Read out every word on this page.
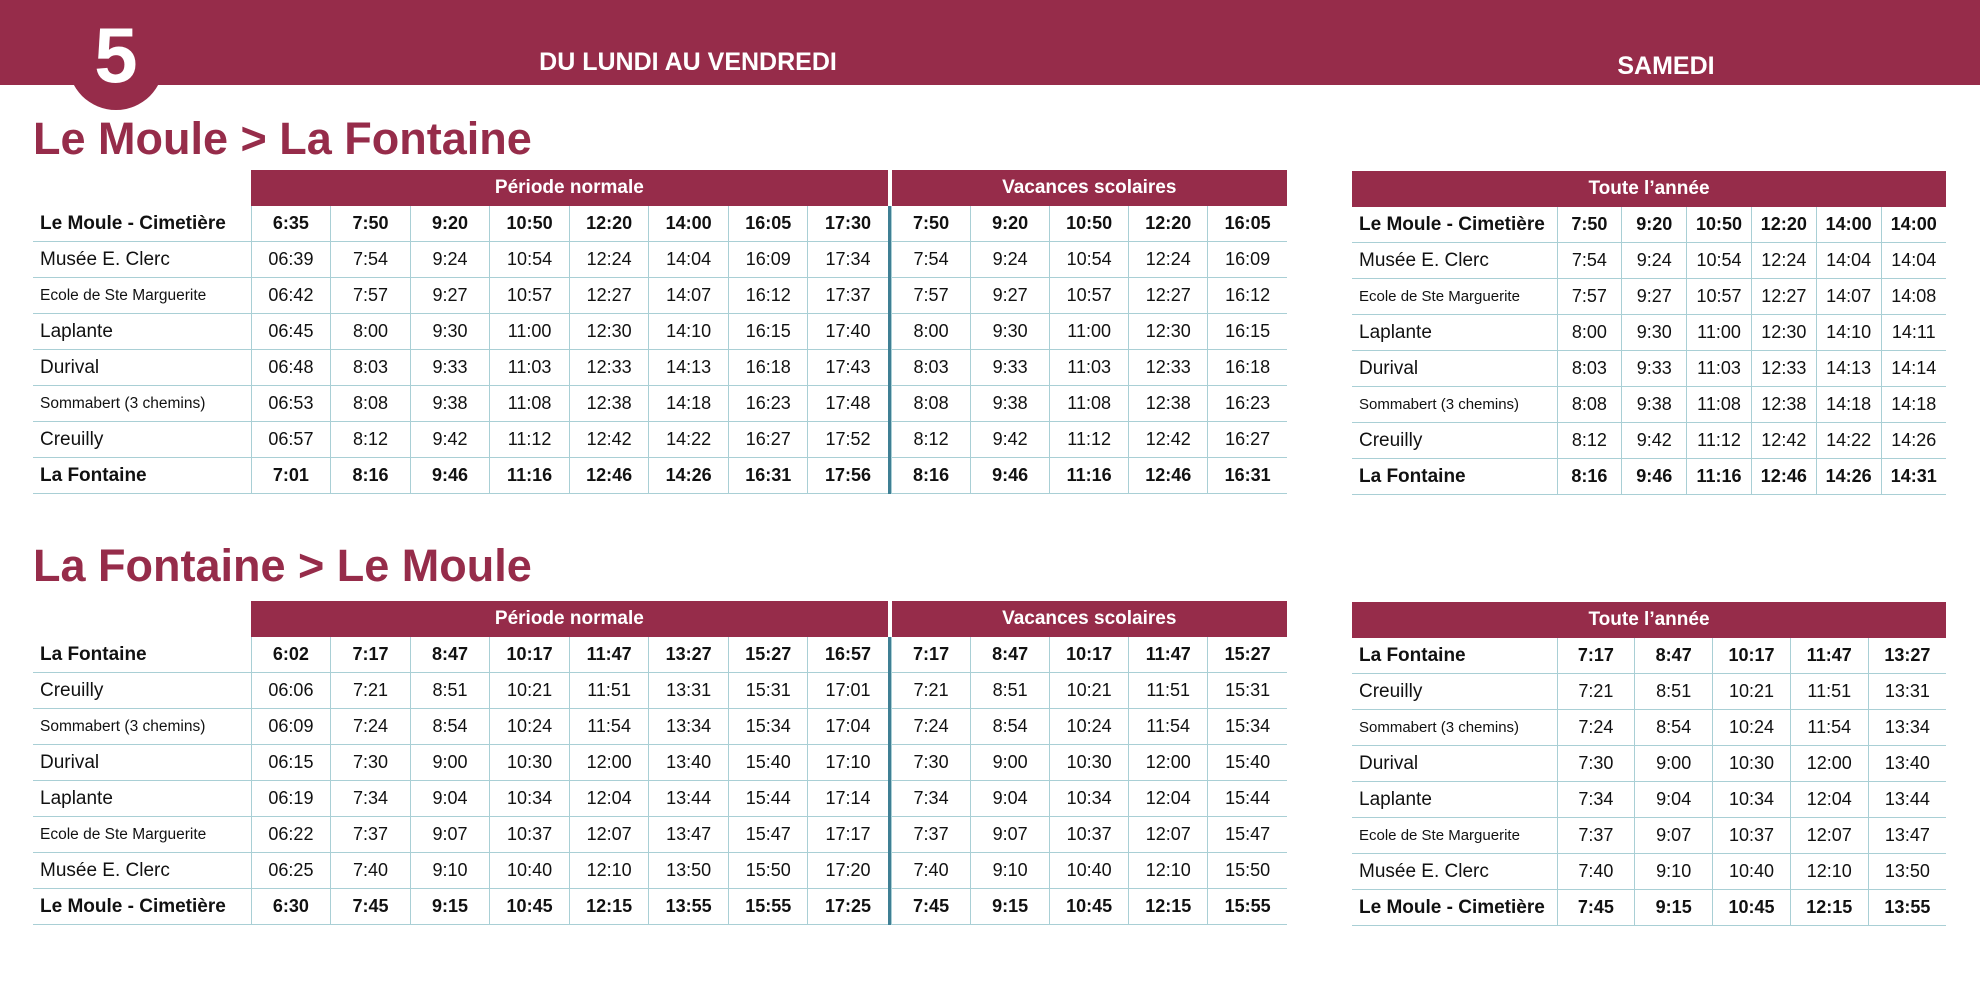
5	DU LUNDI AU VENDREDI	SAMEDI
Le Moule > La Fontaine
La Fontaine > Le Moule
	Période normale									Vacances scolaires				
Le Moule - Cimetière	6:35	7:50	9:20	10:50	12:20	14:00	16:05	17:30		7:50	9:20	10:50	12:20	16:05
Musée E. Clerc	06:39	7:54	9:24	10:54	12:24	14:04	16:09	17:34		7:54	9:24	10:54	12:24	16:09
Ecole de Ste Marguerite	06:42	7:57	9:27	10:57	12:27	14:07	16:12	17:37		7:57	9:27	10:57	12:27	16:12
Laplante	06:45	8:00	9:30	11:00	12:30	14:10	16:15	17:40		8:00	9:30	11:00	12:30	16:15
Durival	06:48	8:03	9:33	11:03	12:33	14:13	16:18	17:43		8:03	9:33	11:03	12:33	16:18
Sommabert (3 chemins)	06:53	8:08	9:38	11:08	12:38	14:18	16:23	17:48		8:08	9:38	11:08	12:38	16:23
Creuilly	06:57	8:12	9:42	11:12	12:42	14:22	16:27	17:52		8:12	9:42	11:12	12:42	16:27
La Fontaine	7:01	8:16	9:46	11:16	12:46	14:26	16:31	17:56		8:16	9:46	11:16	12:46	16:31
Toute l’année						
Le Moule - Cimetière	7:50	9:20	10:50	12:20	14:00	14:00
Musée E. Clerc	7:54	9:24	10:54	12:24	14:04	14:04
Ecole de Ste Marguerite	7:57	9:27	10:57	12:27	14:07	14:08
Laplante	8:00	9:30	11:00	12:30	14:10	14:11
Durival	8:03	9:33	11:03	12:33	14:13	14:14
Sommabert (3 chemins)	8:08	9:38	11:08	12:38	14:18	14:18
Creuilly	8:12	9:42	11:12	12:42	14:22	14:26
La Fontaine	8:16	9:46	11:16	12:46	14:26	14:31
	Période normale									Vacances scolaires				
La Fontaine	6:02	7:17	8:47	10:17	11:47	13:27	15:27	16:57		7:17	8:47	10:17	11:47	15:27
Creuilly	06:06	7:21	8:51	10:21	11:51	13:31	15:31	17:01		7:21	8:51	10:21	11:51	15:31
Sommabert (3 chemins)	06:09	7:24	8:54	10:24	11:54	13:34	15:34	17:04		7:24	8:54	10:24	11:54	15:34
Durival	06:15	7:30	9:00	10:30	12:00	13:40	15:40	17:10		7:30	9:00	10:30	12:00	15:40
Laplante	06:19	7:34	9:04	10:34	12:04	13:44	15:44	17:14		7:34	9:04	10:34	12:04	15:44
Ecole de Ste Marguerite	06:22	7:37	9:07	10:37	12:07	13:47	15:47	17:17		7:37	9:07	10:37	12:07	15:47
Musée E. Clerc	06:25	7:40	9:10	10:40	12:10	13:50	15:50	17:20		7:40	9:10	10:40	12:10	15:50
Le Moule - Cimetière	6:30	7:45	9:15	10:45	12:15	13:55	15:55	17:25		7:45	9:15	10:45	12:15	15:55
Toute l’année					
La Fontaine	7:17	8:47	10:17	11:47	13:27
Creuilly	7:21	8:51	10:21	11:51	13:31
Sommabert (3 chemins)	7:24	8:54	10:24	11:54	13:34
Durival	7:30	9:00	10:30	12:00	13:40
Laplante	7:34	9:04	10:34	12:04	13:44
Ecole de Ste Marguerite	7:37	9:07	10:37	12:07	13:47
Musée E. Clerc	7:40	9:10	10:40	12:10	13:50
Le Moule - Cimetière	7:45	9:15	10:45	12:15	13:55
